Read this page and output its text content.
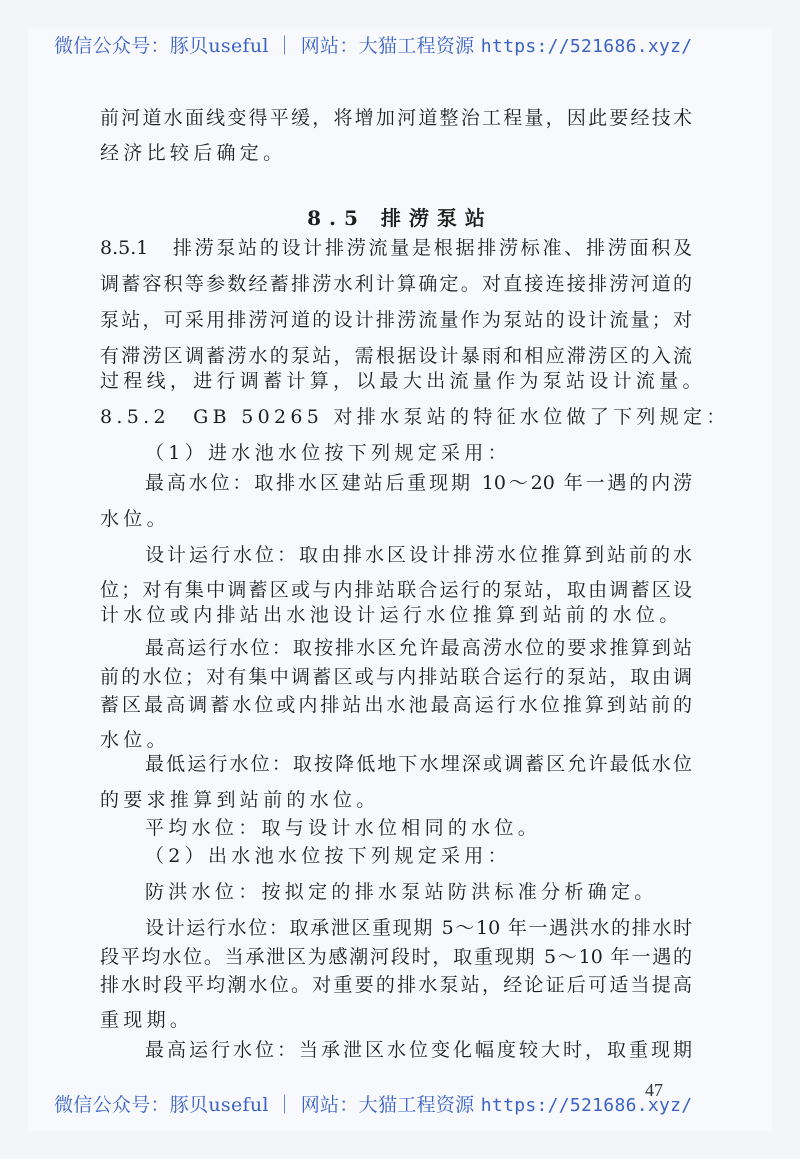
微信公众号：豚贝useful ｜ 网站：大猫工程资源 https://521686.xyz/
前河道水面线变得平缓，将增加河道整治工程量，因此要经技术
经济比较后确定。
8.5.1　排涝泵站的设计排涝流量是根据排涝标准、排涝面积及
调蓄容积等参数经蓄排涝水利计算确定。对直接连接排涝河道的
泵站，可采用排涝河道的设计排涝流量作为泵站的设计流量；对
有滞涝区调蓄涝水的泵站，需根据设计暴雨和相应滞涝区的入流
过程线，进行调蓄计算，以最大出流量作为泵站设计流量。
8.5.2　GB 50265 对排水泵站的特征水位做了下列规定：
（1）进水池水位按下列规定采用：
最高水位：取排水区建站后重现期 10～20 年一遇的内涝
水位。
设计运行水位：取由排水区设计排涝水位推算到站前的水
位；对有集中调蓄区或与内排站联合运行的泵站，取由调蓄区设
计水位或内排站出水池设计运行水位推算到站前的水位。
最高运行水位：取按排水区允许最高涝水位的要求推算到站
前的水位；对有集中调蓄区或与内排站联合运行的泵站，取由调
蓄区最高调蓄水位或内排站出水池最高运行水位推算到站前的
水位。
最低运行水位：取按降低地下水埋深或调蓄区允许最低水位
的要求推算到站前的水位。
平均水位：取与设计水位相同的水位。
（2）出水池水位按下列规定采用：
防洪水位：按拟定的排水泵站防洪标准分析确定。
设计运行水位：取承泄区重现期 5～10 年一遇洪水的排水时
段平均水位。当承泄区为感潮河段时，取重现期 5～10 年一遇的
排水时段平均潮水位。对重要的排水泵站，经论证后可适当提高
重现期。
最高运行水位：当承泄区水位变化幅度较大时，取重现期
8.5 排涝泵站
47
微信公众号：豚贝useful ｜ 网站：大猫工程资源 https://521686.xyz/
